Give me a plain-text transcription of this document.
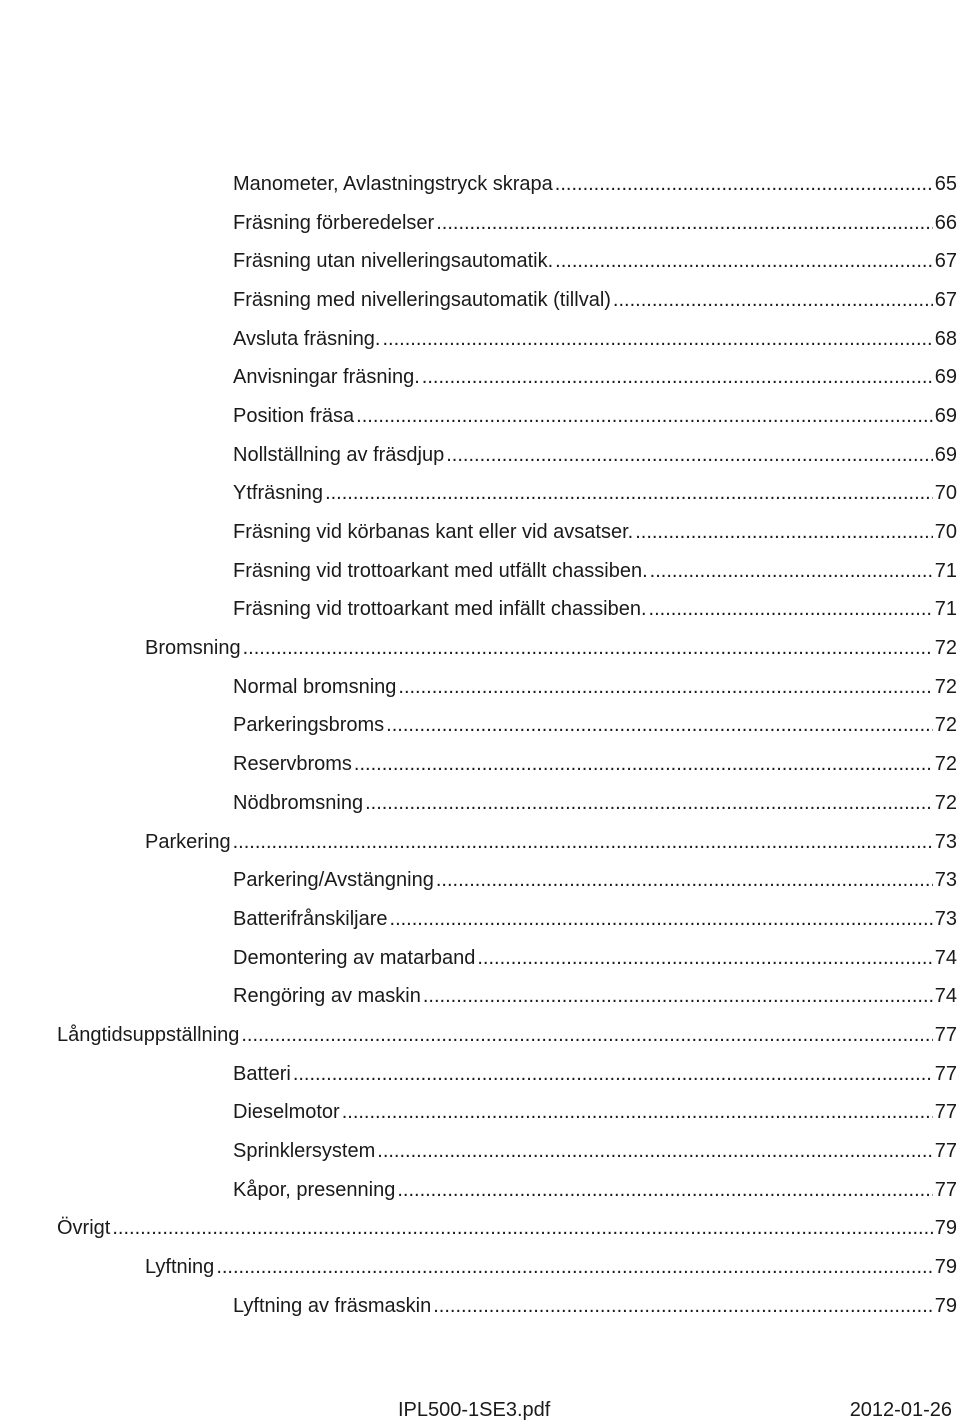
Manometer, Avlastningstryck skrapa .....	65
Fräsning förberedelser .....	66
Fräsning utan nivelleringsautomatik. .....	67
Fräsning med nivelleringsautomatik (tillval) .....	67
Avsluta fräsning. .....	68
Anvisningar fräsning. .....	69
Position fräsa .....	69
Nollställning av fräsdjup .....	69
Ytfräsning .....	70
Fräsning vid körbanas kant eller vid avsatser. .....	70
Fräsning vid trottoarkant med utfällt chassiben. .....	71
Fräsning vid trottoarkant med infällt chassiben. .....	71
Bromsning .....	72
Normal bromsning .....	72
Parkeringsbroms .....	72
Reservbroms .....	72
Nödbromsning .....	72
Parkering .....	73
Parkering/Avstängning .....	73
Batterifrånskiljare .....	73
Demontering av matarband .....	74
Rengöring av maskin .....	74
Långtidsuppställning .....	77
Batteri .....	77
Dieselmotor .....	77
Sprinklersystem .....	77
Kåpor, presenning .....	77
Övrigt .....	79
Lyftning .....	79
Lyftning av fräsmaskin .....	79
IPL500-1SE3.pdf	2012-01-26
